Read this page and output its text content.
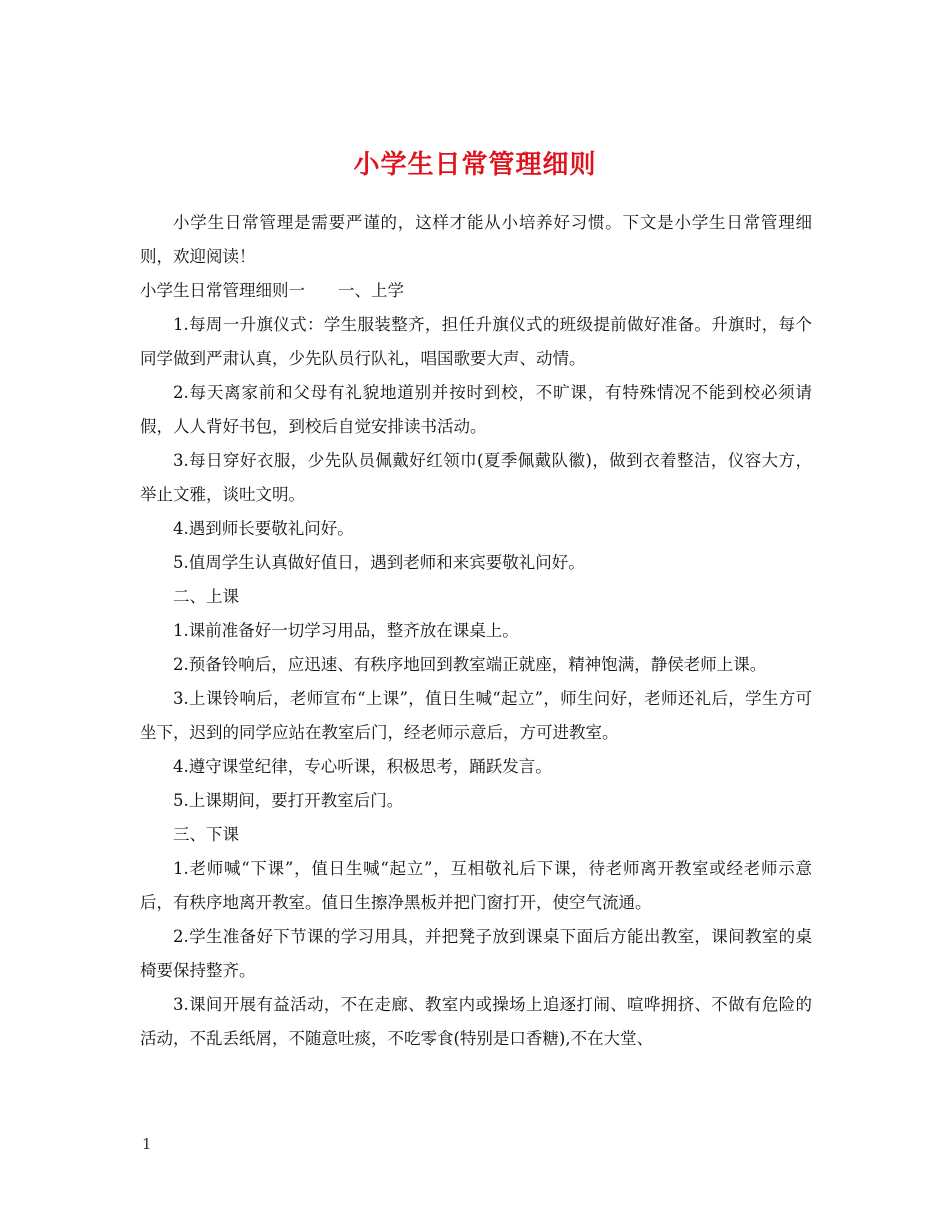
小学生日常管理细则

小学生日常管理是需要严谨的，这样才能从小培养好习惯。下文是小学生日常管理细则，欢迎阅读！

小学生日常管理细则一　　一、上学

1.每周一升旗仪式：学生服装整齐，担任升旗仪式的班级提前做好准备。升旗时，每个同学做到严肃认真，少先队员行队礼，唱国歌要大声、动情。

2.每天离家前和父母有礼貌地道别并按时到校，不旷课，有特殊情况不能到校必须请假，人人背好书包，到校后自觉安排读书活动。

3.每日穿好衣服，少先队员佩戴好红领巾(夏季佩戴队徽)，做到衣着整洁，仪容大方，举止文雅，谈吐文明。

4.遇到师长要敬礼问好。

5.值周学生认真做好值日，遇到老师和来宾要敬礼问好。

二、上课

1.课前准备好一切学习用品，整齐放在课桌上。

2.预备铃响后，应迅速、有秩序地回到教室端正就座，精神饱满，静侯老师上课。

3.上课铃响后，老师宣布“上课”，值日生喊“起立”，师生问好，老师还礼后，学生方可坐下，迟到的同学应站在教室后门，经老师示意后，方可进教室。

4.遵守课堂纪律，专心听课，积极思考，踊跃发言。

5.上课期间，要打开教室后门。

三、下课

1.老师喊“下课”，值日生喊“起立”，互相敬礼后下课，待老师离开教室或经老师示意后，有秩序地离开教室。值日生擦净黑板并把门窗打开，使空气流通。

2.学生准备好下节课的学习用具，并把凳子放到课桌下面后方能出教室，课间教室的桌椅要保持整齐。

3.课间开展有益活动，不在走廊、教室内或操场上追逐打闹、喧哗拥挤、不做有危险的活动，不乱丢纸屑，不随意吐痰，不吃零食(特别是口香糖),不在大堂、

1
